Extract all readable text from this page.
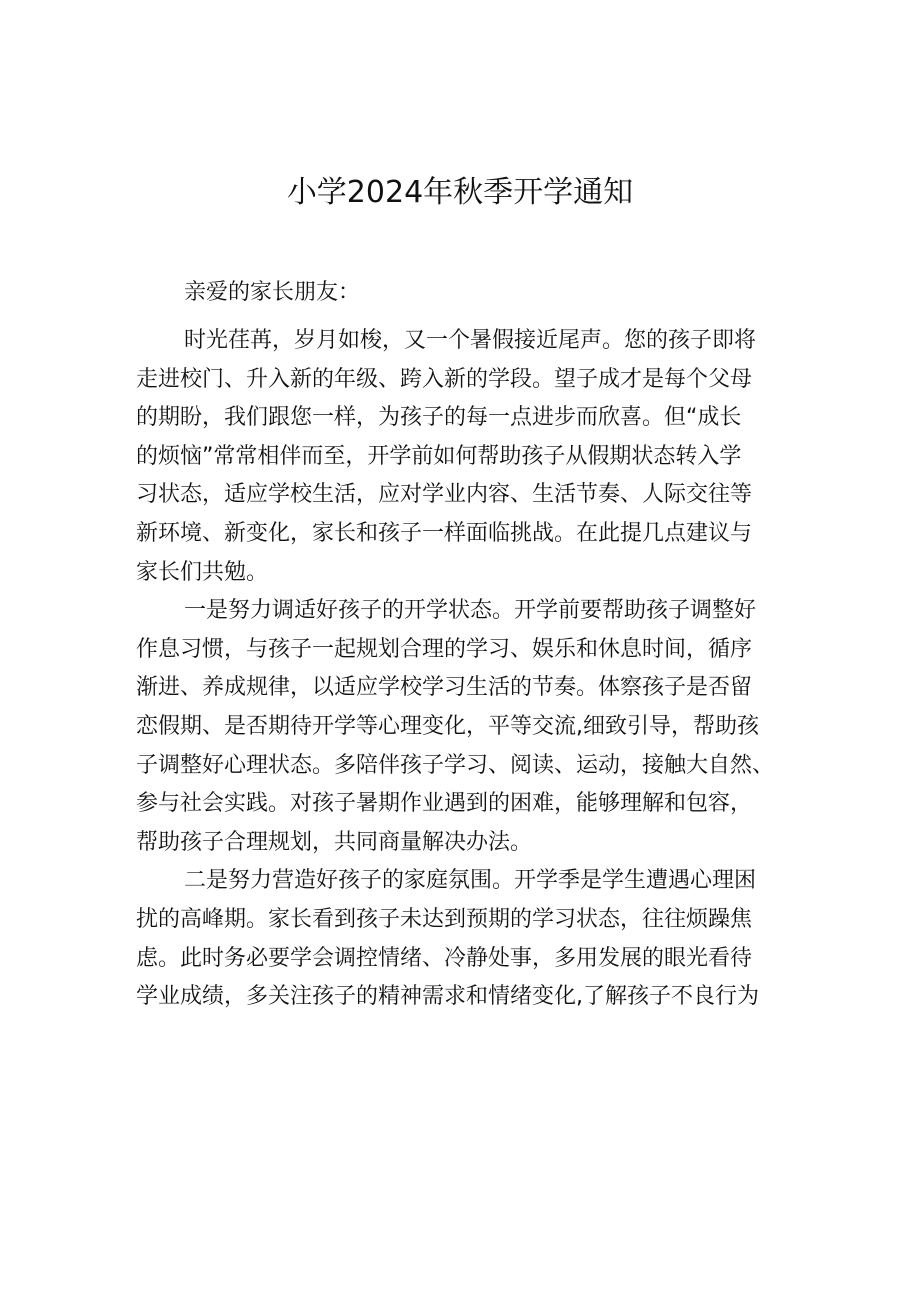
小学2024年秋季开学通知
亲爱的家长朋友：

时光荏苒，岁月如梭，又一个暑假接近尾声。您的孩子即将
走进校门、升入新的年级、跨入新的学段。望子成才是每个父母
的期盼，我们跟您一样，为孩子的每一点进步而欣喜。但“成长
的烦恼”常常相伴而至，开学前如何帮助孩子从假期状态转入学
习状态，适应学校生活，应对学业内容、生活节奏、人际交往等
新环境、新变化，家长和孩子一样面临挑战。在此提几点建议与
家长们共勉。

一是努力调适好孩子的开学状态。开学前要帮助孩子调整好
作息习惯，与孩子一起规划合理的学习、娱乐和休息时间，循序
渐进、养成规律，以适应学校学习生活的节奏。体察孩子是否留
恋假期、是否期待开学等心理变化，平等交流,细致引导，帮助孩
子调整好心理状态。多陪伴孩子学习、阅读、运动，接触大自然、
参与社会实践。对孩子暑期作业遇到的困难，能够理解和包容，
帮助孩子合理规划，共同商量解决办法。

二是努力营造好孩子的家庭氛围。开学季是学生遭遇心理困
扰的高峰期。家长看到孩子未达到预期的学习状态，往往烦躁焦
虑。此时务必要学会调控情绪、冷静处事，多用发展的眼光看待
学业成绩，多关注孩子的精神需求和情绪变化,了解孩子不良行为
